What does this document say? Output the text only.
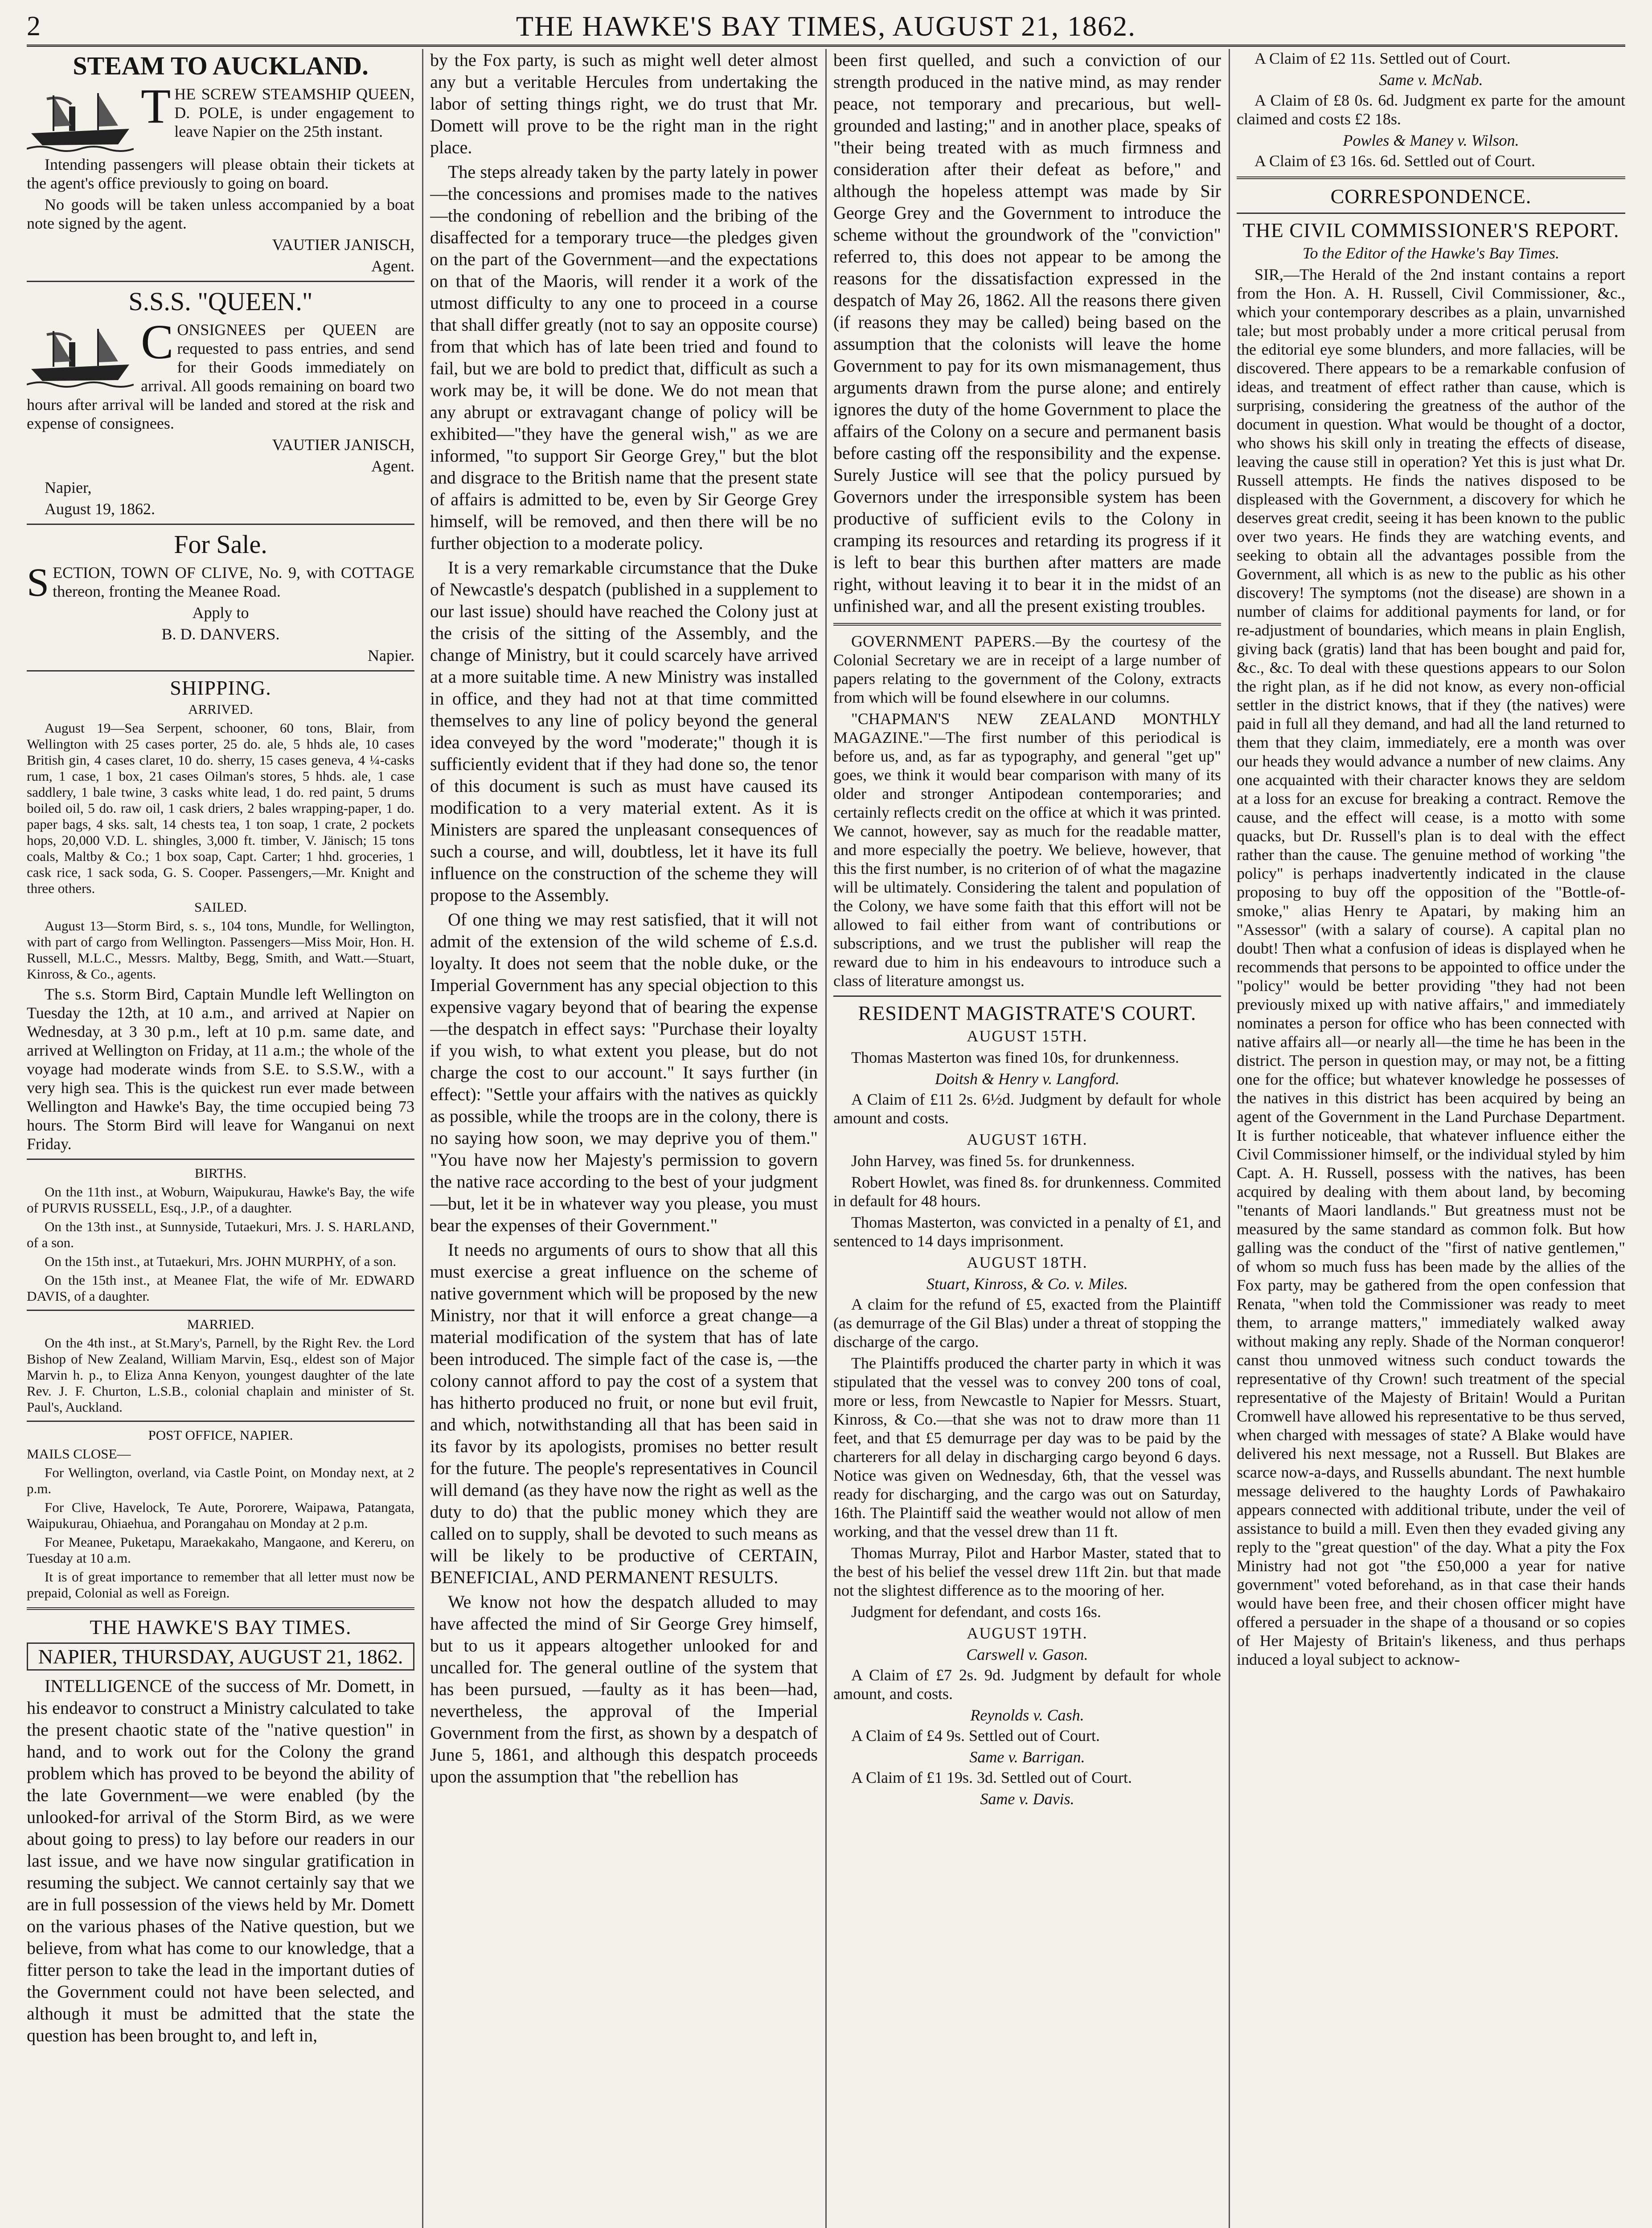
2	THE HAWKE'S BAY TIMES, AUGUST 21, 1862.
STEAM TO AUCKLAND.
T HE SCREW STEAMSHIP QUEEN, D. POLE, is under engagement to leave Napier on the 25th instant.

Intending passengers will please obtain their tickets at the agent's office previously to going on board.

No goods will be taken unless accompanied by a boat note signed by the agent.

VAUTIER JANISCH,

Agent.

S.S.S. "QUEEN."
C ONSIGNEES per QUEEN are requested to pass entries, and send for their Goods immediately on arrival. All goods remaining on board two hours after arrival will be landed and stored at the risk and expense of consignees.

VAUTIER JANISCH,

Agent.

Napier,

August 19, 1862.

For Sale.
S ECTION, TOWN OF CLIVE, No. 9, with COTTAGE thereon, fronting the Meanee Road.

Apply to

B. D. DANVERS.

Napier.

SHIPPING.

ARRIVED.

August 19—Sea Serpent, schooner, 60 tons, Blair, from Wellington with 25 cases porter, 25 do. ale, 5 hhds ale, 10 cases British gin, 4 cases claret, 10 do. sherry, 15 cases geneva, 4 ¼-casks rum, 1 case, 1 box, 21 cases Oilman's stores, 5 hhds. ale, 1 case saddlery, 1 bale twine, 3 casks white lead, 1 do. red paint, 5 drums boiled oil, 5 do. raw oil, 1 cask driers, 2 bales wrapping-paper, 1 do. paper bags, 4 sks. salt, 14 chests tea, 1 ton soap, 1 crate, 2 pockets hops, 20,000 V.D. L. shingles, 3,000 ft. timber, V. Jänisch; 15 tons coals, Maltby & Co.; 1 box soap, Capt. Carter; 1 hhd. groceries, 1 cask rice, 1 sack soda, G. S. Cooper. Passengers,—Mr. Knight and three others.

SAILED.

August 13—Storm Bird, s. s., 104 tons, Mundle, for Wellington, with part of cargo from Wellington. Passengers—Miss Moir, Hon. H. Russell, M.L.C., Messrs. Maltby, Begg, Smith, and Watt.—Stuart, Kinross, & Co., agents.

The s.s. Storm Bird, Captain Mundle left Wellington on Tuesday the 12th, at 10 a.m., and arrived at Napier on Wednesday, at 3 30 p.m., left at 10 p.m. same date, and arrived at Wellington on Friday, at 11 a.m.; the whole of the voyage had moderate winds from S.E. to S.S.W., with a very high sea. This is the quickest run ever made between Wellington and Hawke's Bay, the time occupied being 73 hours. The Storm Bird will leave for Wanganui on next Friday.

BIRTHS.

On the 11th inst., at Woburn, Waipukurau, Hawke's Bay, the wife of PURVIS RUSSELL, Esq., J.P., of a daughter.

On the 13th inst., at Sunnyside, Tutaekuri, Mrs. J. S. HARLAND, of a son.

On the 15th inst., at Tutaekuri, Mrs. JOHN MURPHY, of a son.

On the 15th inst., at Meanee Flat, the wife of Mr. EDWARD DAVIS, of a daughter.

MARRIED.

On the 4th inst., at St.Mary's, Parnell, by the Right Rev. the Lord Bishop of New Zealand, William Marvin, Esq., eldest son of Major Marvin h. p., to Eliza Anna Kenyon, youngest daughter of the late Rev. J. F. Churton, L.S.B., colonial chaplain and minister of St. Paul's, Auckland.

POST OFFICE, NAPIER.

MAILS CLOSE—

For Wellington, overland, via Castle Point, on Monday next, at 2 p.m.

For Clive, Havelock, Te Aute, Pororere, Waipawa, Patangata, Waipukurau, Ohiaehua, and Porangahau on Monday at 2 p.m.

For Meanee, Puketapu, Maraekakaho, Mangaone, and Kereru, on Tuesday at 10 a.m.

It is of great importance to remember that all letter must now be prepaid, Colonial as well as Foreign.

THE HAWKE'S BAY TIMES.
NAPIER, THURSDAY, AUGUST 21, 1862.

INTELLIGENCE of the success of Mr. Domett, in his endeavor to construct a Ministry calculated to take the present chaotic state of the "native question" in hand, and to work out for the Colony the grand problem which has proved to be beyond the ability of the late Government—we were enabled (by the unlooked-for arrival of the Storm Bird, as we were about going to press) to lay before our readers in our last issue, and we have now singular gratification in resuming the subject. We cannot certainly say that we are in full possession of the views held by Mr. Domett on the various phases of the Native question, but we believe, from what has come to our knowledge, that a fitter person to take the lead in the important duties of the Government could not have been selected, and although it must be admitted that the state the question has been brought to, and left in,

by the Fox party, is such as might well deter almost any but a veritable Hercules from undertaking the labor of setting things right, we do trust that Mr. Domett will prove to be the right man in the right place.

The steps already taken by the party lately in power—the concessions and promises made to the natives—the condoning of rebellion and the bribing of the disaffected for a temporary truce—the pledges given on the part of the Government—and the expectations on that of the Maoris, will render it a work of the utmost difficulty to any one to proceed in a course that shall differ greatly (not to say an opposite course) from that which has of late been tried and found to fail, but we are bold to predict that, difficult as such a work may be, it will be done. We do not mean that any abrupt or extravagant change of policy will be exhibited—"they have the general wish," as we are informed, "to support Sir George Grey," but the blot and disgrace to the British name that the present state of affairs is admitted to be, even by Sir George Grey himself, will be removed, and then there will be no further objection to a moderate policy.

It is a very remarkable circumstance that the Duke of Newcastle's despatch (published in a supplement to our last issue) should have reached the Colony just at the crisis of the sitting of the Assembly, and the change of Ministry, but it could scarcely have arrived at a more suitable time. A new Ministry was installed in office, and they had not at that time committed themselves to any line of policy beyond the general idea conveyed by the word "moderate;" though it is sufficiently evident that if they had done so, the tenor of this document is such as must have caused its modification to a very material extent. As it is Ministers are spared the unpleasant consequences of such a course, and will, doubtless, let it have its full influence on the construction of the scheme they will propose to the Assembly.

Of one thing we may rest satisfied, that it will not admit of the extension of the wild scheme of £.s.d. loyalty. It does not seem that the noble duke, or the Imperial Government has any special objection to this expensive vagary beyond that of bearing the expense—the despatch in effect says: "Purchase their loyalty if you wish, to what extent you please, but do not charge the cost to our account." It says further (in effect): "Settle your affairs with the natives as quickly as possible, while the troops are in the colony, there is no saying how soon, we may deprive you of them." "You have now her Majesty's permission to govern the native race according to the best of your judgment—but, let it be in whatever way you please, you must bear the expenses of their Government."

It needs no arguments of ours to show that all this must exercise a great influence on the scheme of native government which will be proposed by the new Ministry, nor that it will enforce a great change—a material modification of the system that has of late been introduced. The simple fact of the case is, —the colony cannot afford to pay the cost of a system that has hitherto produced no fruit, or none but evil fruit, and which, notwithstanding all that has been said in its favor by its apologists, promises no better result for the future. The people's representatives in Council will demand (as they have now the right as well as the duty to do) that the public money which they are called on to supply, shall be devoted to such means as will be likely to be productive of CERTAIN, BENEFICIAL, AND PERMANENT RESULTS.

We know not how the despatch alluded to may have affected the mind of Sir George Grey himself, but to us it appears altogether unlooked for and uncalled for. The general outline of the system that has been pursued, —faulty as it has been—had, nevertheless, the approval of the Imperial Government from the first, as shown by a despatch of June 5, 1861, and although this despatch proceeds upon the assumption that "the rebellion has

been first quelled, and such a conviction of our strength produced in the native mind, as may render peace, not temporary and precarious, but well-grounded and lasting;" and in another place, speaks of "their being treated with as much firmness and consideration after their defeat as before," and although the hopeless attempt was made by Sir George Grey and the Government to introduce the scheme without the groundwork of the "conviction" referred to, this does not appear to be among the reasons for the dissatisfaction expressed in the despatch of May 26, 1862. All the reasons there given (if reasons they may be called) being based on the assumption that the colonists will leave the home Government to pay for its own mismanagement, thus arguments drawn from the purse alone; and entirely ignores the duty of the home Government to place the affairs of the Colony on a secure and permanent basis before casting off the responsibility and the expense. Surely Justice will see that the policy pursued by Governors under the irresponsible system has been productive of sufficient evils to the Colony in cramping its resources and retarding its progress if it is left to bear this burthen after matters are made right, without leaving it to bear it in the midst of an unfinished war, and all the present existing troubles.

GOVERNMENT PAPERS.—By the courtesy of the Colonial Secretary we are in receipt of a large number of papers relating to the government of the Colony, extracts from which will be found elsewhere in our columns.

"CHAPMAN'S NEW ZEALAND MONTHLY MAGAZINE."—The first number of this periodical is before us, and, as far as typography, and general "get up" goes, we think it would bear comparison with many of its older and stronger Antipodean contemporaries; and certainly reflects credit on the office at which it was printed. We cannot, however, say as much for the readable matter, and more especially the poetry. We believe, however, that this the first number, is no criterion of of what the magazine will be ultimately. Considering the talent and population of the Colony, we have some faith that this effort will not be allowed to fail either from want of contributions or subscriptions, and we trust the publisher will reap the reward due to him in his endeavours to introduce such a class of literature amongst us.

RESIDENT MAGISTRATE'S COURT.

AUGUST 15TH.

Thomas Masterton was fined 10s, for drunkenness.

Doitsh & Henry v. Langford.

A Claim of £11 2s. 6½d. Judgment by default for whole amount and costs.

AUGUST 16TH.

John Harvey, was fined 5s. for drunkenness.

Robert Howlet, was fined 8s. for drunkenness. Commited in default for 48 hours.

Thomas Masterton, was convicted in a penalty of £1, and sentenced to 14 days imprisonment.

AUGUST 18TH.

Stuart, Kinross, & Co. v. Miles.

A claim for the refund of £5, exacted from the Plaintiff (as demurrage of the Gil Blas) under a threat of stopping the discharge of the cargo.

The Plaintiffs produced the charter party in which it was stipulated that the vessel was to convey 200 tons of coal, more or less, from Newcastle to Napier for Messrs. Stuart, Kinross, & Co.—that she was not to draw more than 11 feet, and that £5 demurrage per day was to be paid by the charterers for all delay in discharging cargo beyond 6 days. Notice was given on Wednesday, 6th, that the vessel was ready for discharging, and the cargo was out on Saturday, 16th. The Plaintiff said the weather would not allow of men working, and that the vessel drew than 11 ft.

Thomas Murray, Pilot and Harbor Master, stated that to the best of his belief the vessel drew 11ft 2in. but that made not the slightest difference as to the mooring of her.

Judgment for defendant, and costs 16s.

AUGUST 19TH.

Carswell v. Gason.

A Claim of £7 2s. 9d. Judgment by default for whole amount, and costs.

Reynolds v. Cash.

A Claim of £4 9s. Settled out of Court.

Same v. Barrigan.

A Claim of £1 19s. 3d. Settled out of Court.

Same v. Davis.

A Claim of £2 11s. Settled out of Court.

Same v. McNab.

A Claim of £8 0s. 6d. Judgment ex parte for the amount claimed and costs £2 18s.

Powles & Maney v. Wilson.

A Claim of £3 16s. 6d. Settled out of Court.

CORRESPONDENCE.
THE CIVIL COMMISSIONER'S REPORT.

To the Editor of the Hawke's Bay Times.

SIR,—The Herald of the 2nd instant contains a report from the Hon. A. H. Russell, Civil Commissioner, &c., which your contemporary describes as a plain, unvarnished tale; but most probably under a more critical perusal from the editorial eye some blunders, and more fallacies, will be discovered. There appears to be a remarkable confusion of ideas, and treatment of effect rather than cause, which is surprising, considering the greatness of the author of the document in question. What would be thought of a doctor, who shows his skill only in treating the effects of disease, leaving the cause still in operation? Yet this is just what Dr. Russell attempts. He finds the natives disposed to be displeased with the Government, a discovery for which he deserves great credit, seeing it has been known to the public over two years. He finds they are watching events, and seeking to obtain all the advantages possible from the Government, all which is as new to the public as his other discovery! The symptoms (not the disease) are shown in a number of claims for additional payments for land, or for re-adjustment of boundaries, which means in plain English, giving back (gratis) land that has been bought and paid for, &c., &c. To deal with these questions appears to our Solon the right plan, as if he did not know, as every non-official settler in the district knows, that if they (the natives) were paid in full all they demand, and had all the land returned to them that they claim, immediately, ere a month was over our heads they would advance a number of new claims. Any one acquainted with their character knows they are seldom at a loss for an excuse for breaking a contract. Remove the cause, and the effect will cease, is a motto with some quacks, but Dr. Russell's plan is to deal with the effect rather than the cause. The genuine method of working "the policy" is perhaps inadvertently indicated in the clause proposing to buy off the opposition of the "Bottle-of-smoke," alias Henry te Apatari, by making him an "Assessor" (with a salary of course). A capital plan no doubt! Then what a confusion of ideas is displayed when he recommends that persons to be appointed to office under the "policy" would be better providing "they had not been previously mixed up with native affairs," and immediately nominates a person for office who has been connected with native affairs all—or nearly all—the time he has been in the district. The person in question may, or may not, be a fitting one for the office; but whatever knowledge he possesses of the natives in this district has been acquired by being an agent of the Government in the Land Purchase Department. It is further noticeable, that whatever influence either the Civil Commissioner himself, or the individual styled by him Capt. A. H. Russell, possess with the natives, has been acquired by dealing with them about land, by becoming "tenants of Maori landlands." But greatness must not be measured by the same standard as common folk. But how galling was the conduct of the "first of native gentlemen," of whom so much fuss has been made by the allies of the Fox party, may be gathered from the open confession that Renata, "when told the Commissioner was ready to meet them, to arrange matters," immediately walked away without making any reply. Shade of the Norman conqueror! canst thou unmoved witness such conduct towards the representative of thy Crown! such treatment of the special representative of the Majesty of Britain! Would a Puritan Cromwell have allowed his representative to be thus served, when charged with messages of state? A Blake would have delivered his next message, not a Russell. But Blakes are scarce now-a-days, and Russells abundant. The next humble message delivered to the haughty Lords of Pawhakairo appears connected with additional tribute, under the veil of assistance to build a mill. Even then they evaded giving any reply to the "great question" of the day. What a pity the Fox Ministry had not got "the £50,000 a year for native government" voted beforehand, as in that case their hands would have been free, and their chosen officer might have offered a persuader in the shape of a thousand or so copies of Her Majesty of Britain's likeness, and thus perhaps induced a loyal subject to acknow-
